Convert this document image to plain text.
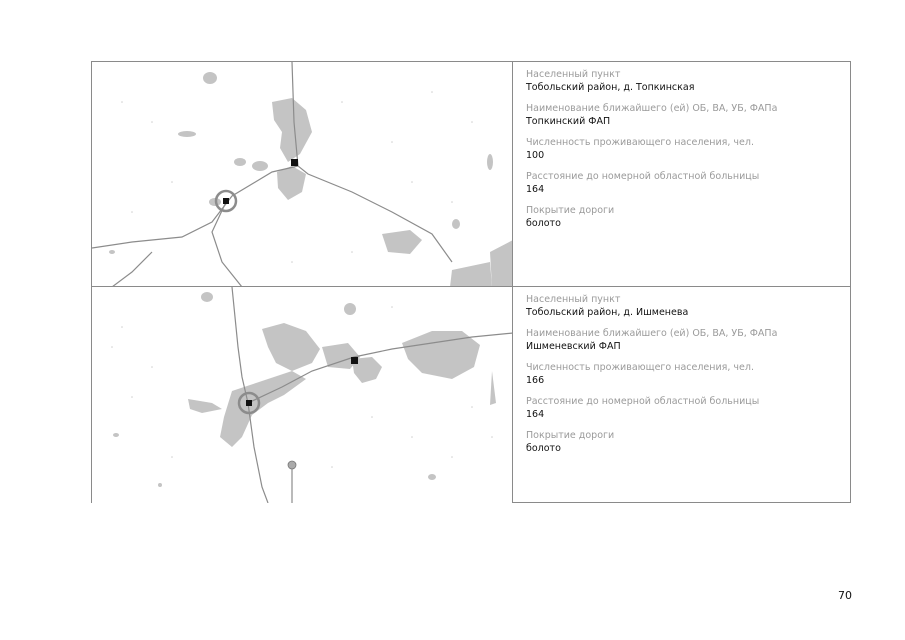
Населенный пункт
Тобольский район, д. Топкинская
Наименование ближайшего (ей) ОБ, ВА, УБ, ФАПа
Топкинский ФАП
Численность проживающего населения, чел.
100
Расстояние до номерной областной больницы
164
Покрытие дороги
болото
Населенный пункт
Тобольский район, д. Ишменева
Наименование ближайшего (ей) ОБ, ВА, УБ, ФАПа
Ишменевский ФАП
Численность проживающего населения, чел.
166
Расстояние до номерной областной больницы
164
Покрытие дороги
болото
70
